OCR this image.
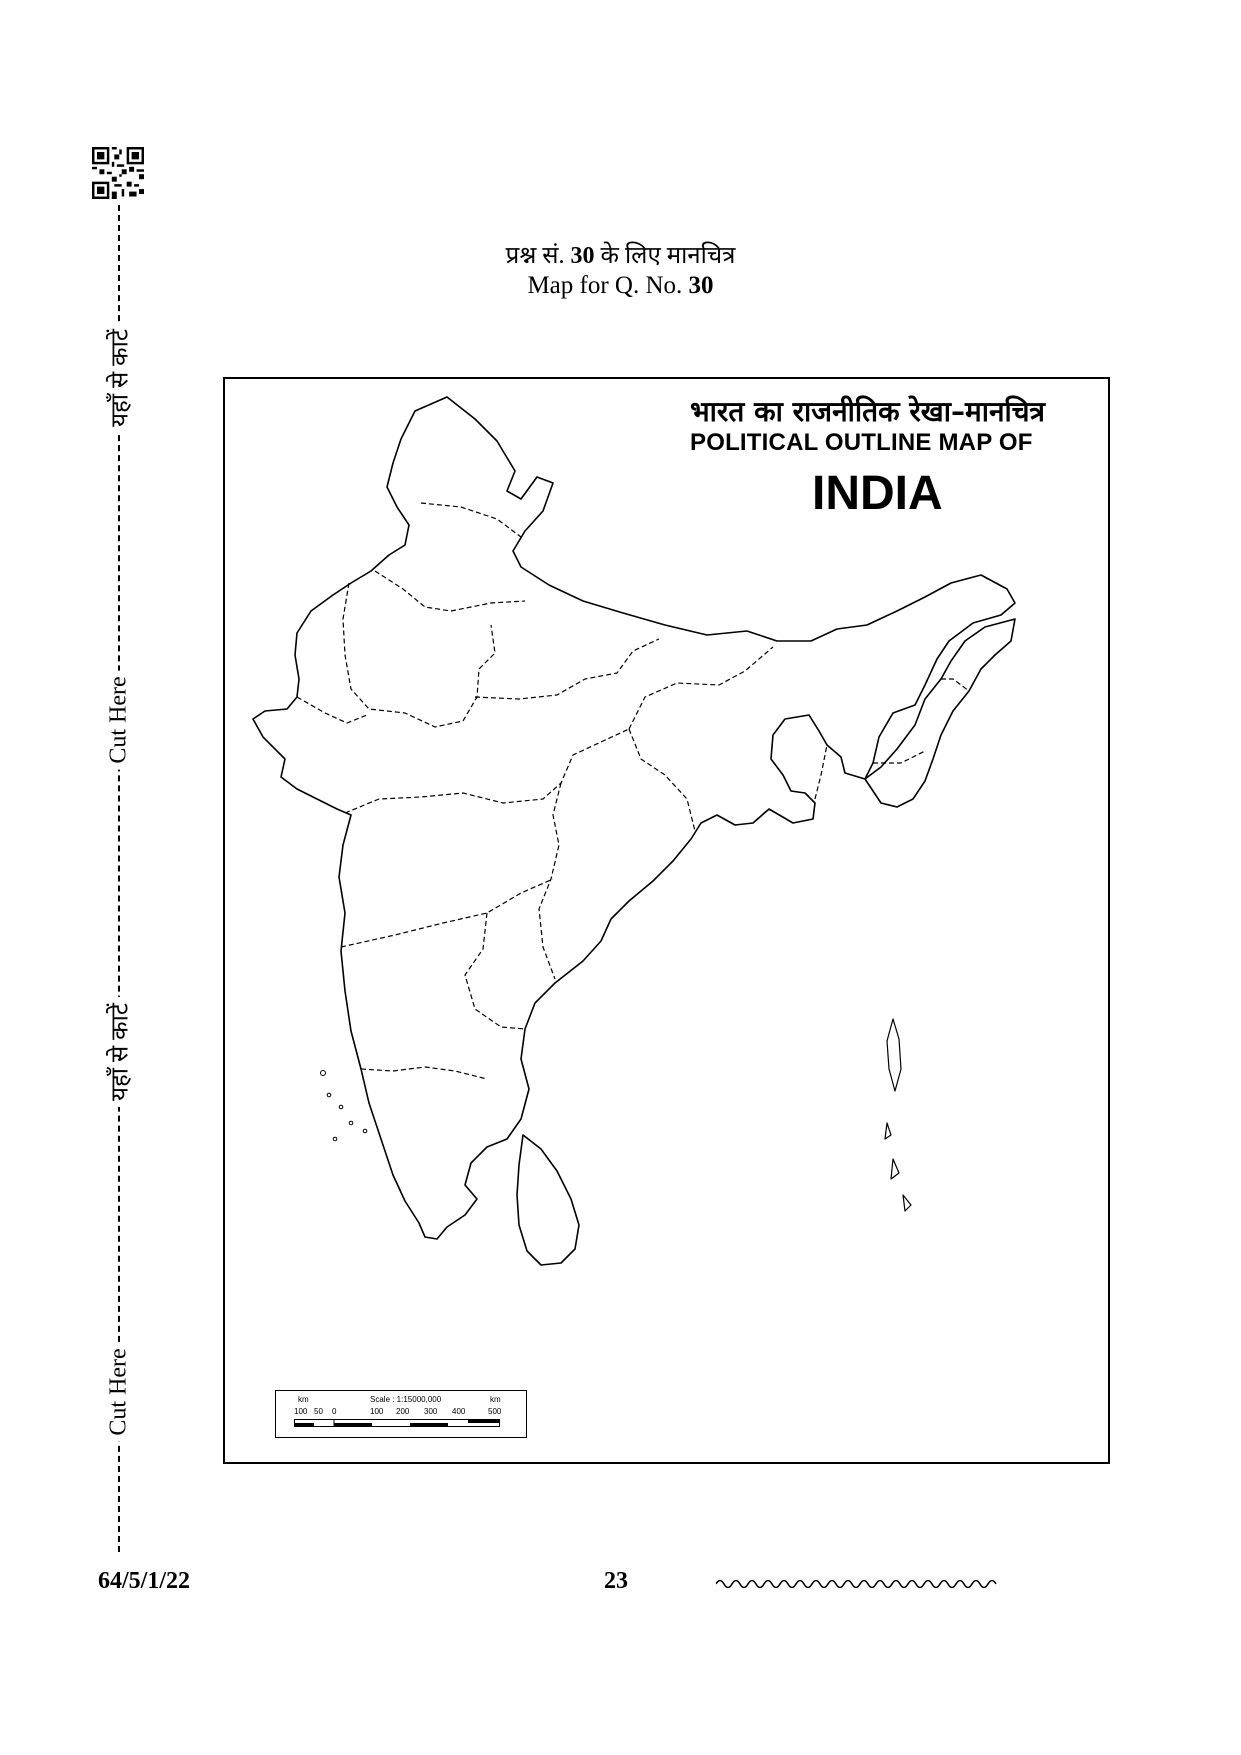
यहाँ से काटें
Cut Here
यहाँ से काटें
Cut Here
प्रश्न सं. 30 के लिए मानचित्र
Map for Q. No. 30
भारत का राजनीतिक रेखा–मानचित्र
POLITICAL OUTLINE MAP OF
INDIA
km	Scale : 1:15000,000	km
100 50 0	100 200 300 400	500
64/5/1/22	23
